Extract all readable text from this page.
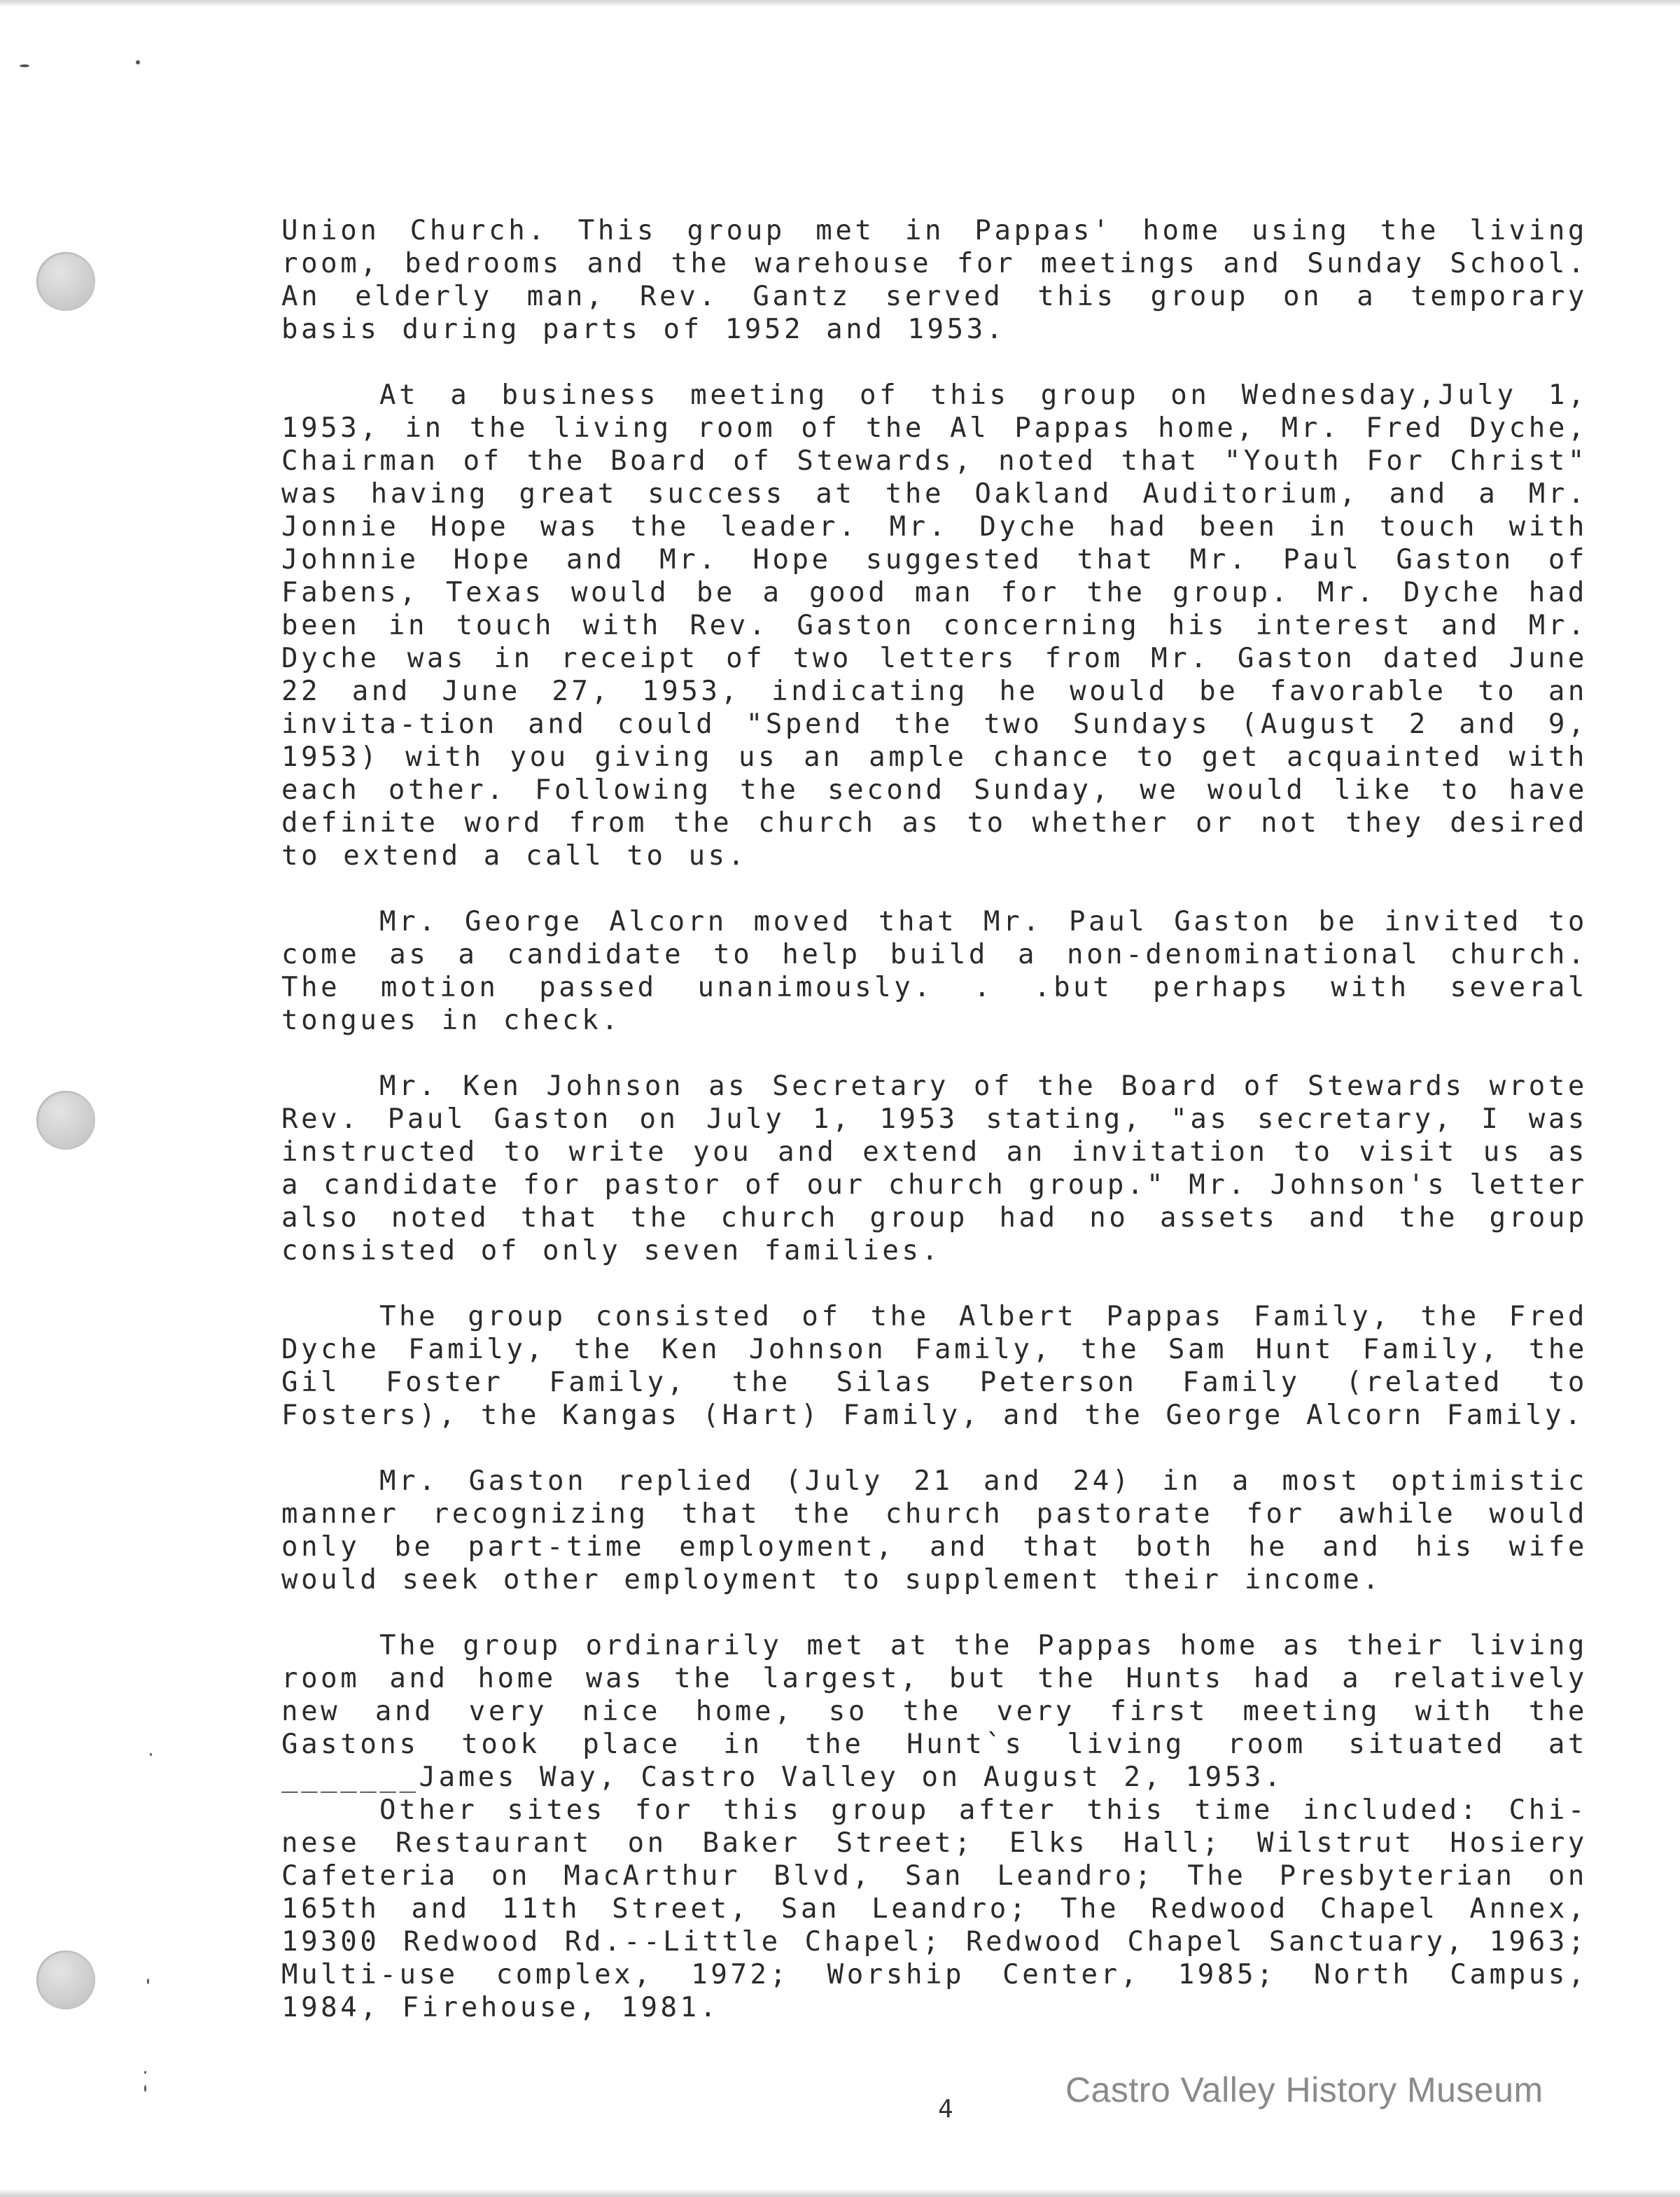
Union Church. This group met in Pappas' home using the living room, bedrooms and the warehouse for meetings and Sunday School. An elderly man, Rev. Gantz served this group on a temporary basis during parts of 1952 and 1953.

At a business meeting of this group on Wednesday,July 1, 1953, in the living room of the Al Pappas home, Mr. Fred Dyche, Chairman of the Board of Stewards, noted that "Youth For Christ" was having great success at the Oakland Auditorium, and a Mr. Jonnie Hope was the leader. Mr. Dyche had been in touch with Johnnie Hope and Mr. Hope suggested that Mr. Paul Gaston of Fabens, Texas would be a good man for the group. Mr. Dyche had been in touch with Rev. Gaston concerning his interest and Mr. Dyche was in receipt of two letters from Mr. Gaston dated June 22 and June 27, 1953, indicating he would be favorable to an invita-tion and could "Spend the two Sundays (August 2 and 9, 1953) with you giving us an ample chance to get acquainted with each other. Following the second Sunday, we would like to have definite word from the church as to whether or not they desired to extend a call to us.

Mr. George Alcorn moved that Mr. Paul Gaston be invited to come as a candidate to help build a non-denominational church. The motion passed unanimously. . .but perhaps with several tongues in check.

Mr. Ken Johnson as Secretary of the Board of Stewards wrote Rev. Paul Gaston on July 1, 1953 stating, "as secretary, I was instructed to write you and extend an invitation to visit us as a candidate for pastor of our church group." Mr. Johnson's letter also noted that the church group had no assets and the group consisted of only seven families.

The group consisted of the Albert Pappas Family, the Fred Dyche Family, the Ken Johnson Family, the Sam Hunt Family, the Gil Foster Family, the Silas Peterson Family (related to Fosters), the Kangas (Hart) Family, and the George Alcorn Family.

Mr. Gaston replied (July 21 and 24) in a most optimistic manner recognizing that the church pastorate for awhile would only be part-time employment, and that both he and his wife would seek other employment to supplement their income.

The group ordinarily met at the Pappas home as their living room and home was the largest, but the Hunts had a relatively new and very nice home, so the very first meeting with the Gastons took place in the Hunt`s living room situated at _______James Way, Castro Valley on August 2, 1953.

Other sites for this group after this time included: Chi-nese Restaurant on Baker Street; Elks Hall; Wilstrut Hosiery Cafeteria on MacArthur Blvd, San Leandro; The Presbyterian on 165th and 11th Street, San Leandro; The Redwood Chapel Annex, 19300 Redwood Rd.--Little Chapel; Redwood Chapel Sanctuary, 1963; Multi-use complex, 1972; Worship Center, 1985; North Campus, 1984, Firehouse, 1981.

4	Castro Valley History Museum
